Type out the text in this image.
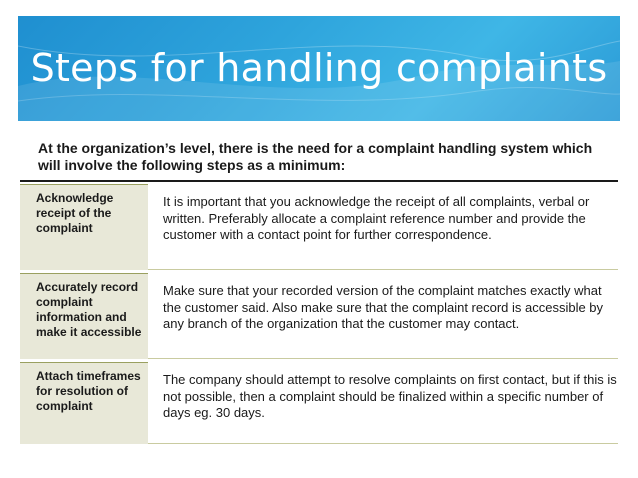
Steps for handling complaints
At the organization’s level, there is the need for a complaint handling system which will involve the following steps as a minimum:
Acknowledge receipt of the complaint
It is important that you acknowledge the receipt of all complaints, verbal or written. Preferably allocate a complaint reference number and provide the customer with a contact point for further correspondence.
Accurately record complaint information and make it accessible
Make sure that your recorded version of the complaint matches exactly what the customer said. Also make sure that the complaint record is accessible by any branch of the organization that the customer may contact.
Attach timeframes for resolution of complaint
The company should attempt to resolve complaints on first contact, but if this is not possible, then a complaint should be finalized within a specific number of days eg. 30 days.
